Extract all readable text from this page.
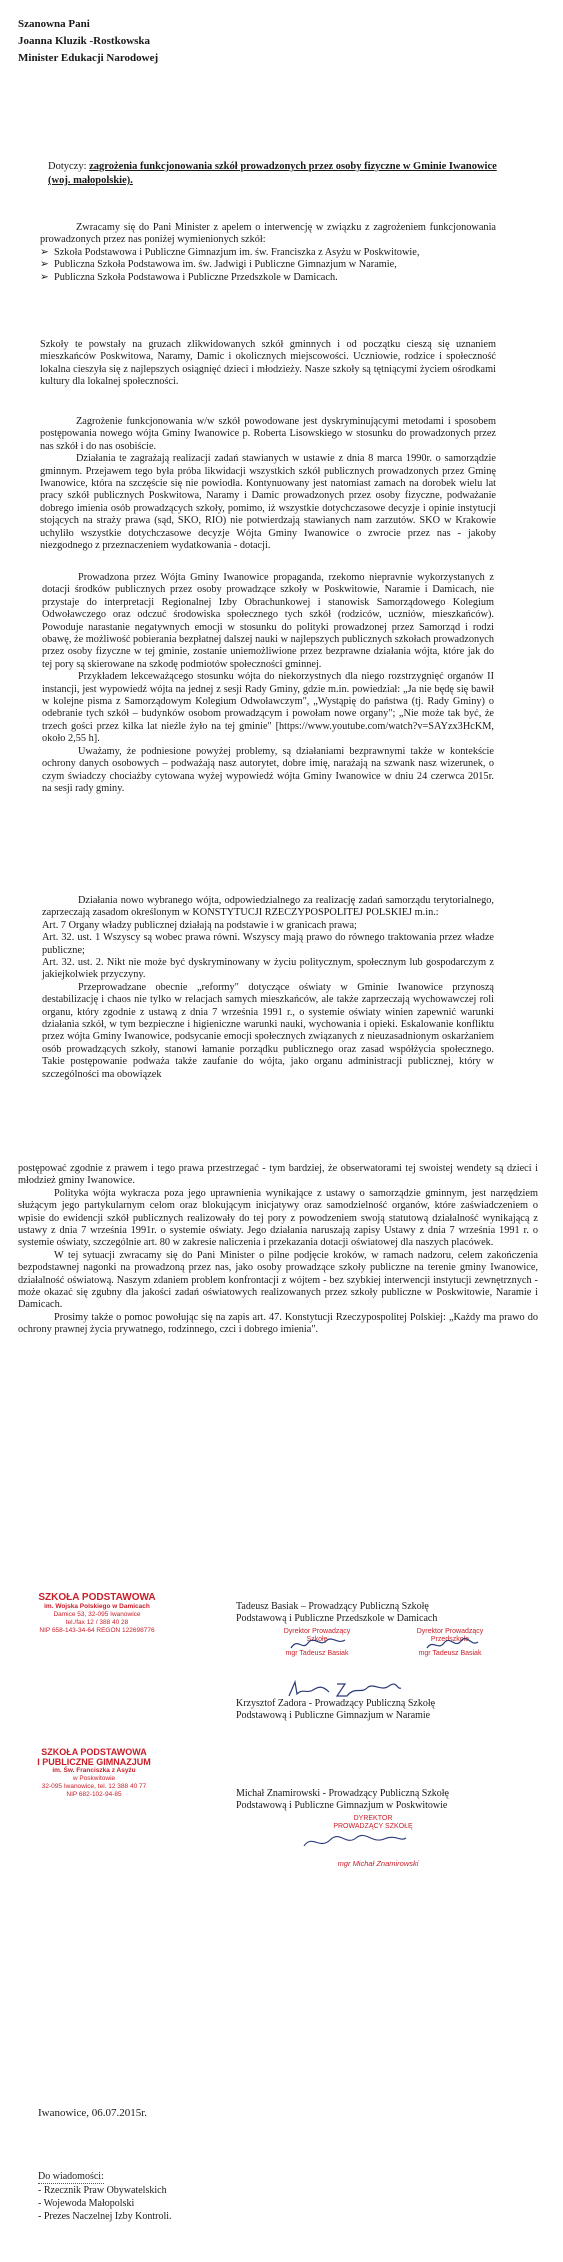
Szanowna Pani
Joanna Kluzik -Rostkowska
Minister Edukacji Narodowej
Dotyczy: zagrożenia funkcjonowania szkół prowadzonych przez osoby fizyczne w Gminie Iwanowice (woj. małopolskie).

Zwracamy się do Pani Minister z apelem o interwencję w związku z zagrożeniem funkcjonowania prowadzonych przez nas poniżej wymienionych szkół:

➢ Szkoła Podstawowa i Publiczne Gimnazjum im. św. Franciszka z Asyżu w Poskwitowie,
➢ Publiczna Szkoła Podstawowa im. św. Jadwigi i Publiczne Gimnazjum w Naramie,
➢ Publiczna Szkoła Podstawowa i Publiczne Przedszkole w Damicach.

Szkoły te powstały na gruzach zlikwidowanych szkół gminnych i od początku cieszą się uznaniem mieszkańców Poskwitowa, Naramy, Damic i okolicznych miejscowości. Uczniowie, rodzice i społeczność lokalna cieszyła się z najlepszych osiągnięć dzieci i młodzieży. Nasze szkoły są tętniącymi życiem ośrodkami kultury dla lokalnej społeczności.

Zagrożenie funkcjonowania w/w szkół powodowane jest dyskryminującymi metodami i sposobem postępowania nowego wójta Gminy Iwanowice p. Roberta Lisowskiego w stosunku do prowadzonych przez nas szkół i do nas osobiście.

Działania te zagrażają realizacji zadań stawianych w ustawie z dnia 8 marca 1990r. o samorządzie gminnym. Przejawem tego była próba likwidacji wszystkich szkół publicznych prowadzonych przez Gminę Iwanowice, która na szczęście się nie powiodła. Kontynuowany jest natomiast zamach na dorobek wielu lat pracy szkół publicznych Poskwitowa, Naramy i Damic prowadzonych przez osoby fizyczne, podważanie dobrego imienia osób prowadzących szkoły, pomimo, iż wszystkie dotychczasowe decyzje i opinie instytucji stojących na straży prawa (sąd, SKO, RIO) nie potwierdzają stawianych nam zarzutów. SKO w Krakowie uchyliło wszystkie dotychczasowe decyzje Wójta Gminy Iwanowice o zwrocie przez nas - jakoby niezgodnego z przeznaczeniem wydatkowania - dotacji.

Prowadzona przez Wójta Gminy Iwanowice propaganda, rzekomo niepravnie wykorzystanych z dotacji środków publicznych przez osoby prowadzące szkoły w Poskwitowie, Naramie i Damicach, nie przystaje do interpretacji Regionalnej Izby Obrachunkowej i stanowisk Samorządowego Kolegium Odwoławczego oraz odczuć środowiska społecznego tych szkół (rodziców, uczniów, mieszkańców). Powoduje narastanie negatywnych emocji w stosunku do polityki prowadzonej przez Samorząd i rodzi obawę, że możliwość pobierania bezpłatnej dalszej nauki w najlepszych publicznych szkołach prowadzonych przez osoby fizyczne w tej gminie, zostanie uniemożliwione przez bezprawne działania wójta, które jak do tej pory są skierowane na szkodę podmiotów społeczności gminnej.

Przykładem lekceważącego stosunku wójta do niekorzystnych dla niego rozstrzygnięć organów II instancji, jest wypowiedź wójta na jednej z sesji Rady Gminy, gdzie m.in. powiedział: „Ja nie będę się bawił w kolejne pisma z Samorządowym Kolegium Odwoławczym", „Wystąpię do państwa (tj. Rady Gminy) o odebranie tych szkół – budynków osobom prowadzącym i powołam nowe organy"; „Nie może tak być, że trzech gości przez kilka lat nieźle żyło na tej gminie" [https://www.youtube.com/watch?v=SAYzx3HcKM, około 2,55 h].

Uważamy, że podniesione powyżej problemy, są działaniami bezprawnymi także w kontekście ochrony danych osobowych – podważają nasz autorytet, dobre imię, narażają na szwank nasz wizerunek, o czym świadczy chociażby cytowana wyżej wypowiedź wójta Gminy Iwanowice w dniu 24 czerwca 2015r. na sesji rady gminy.

Działania nowo wybranego wójta, odpowiedzialnego za realizację zadań samorządu terytorialnego, zaprzeczają zasadom określonym w KONSTYTUCJI RZECZYPOSPOLITEJ POLSKIEJ m.in.:

Art. 7 Organy władzy publicznej działają na podstawie i w granicach prawa;

Art. 32. ust. 1 Wszyscy są wobec prawa równi. Wszyscy mają prawo do równego traktowania przez władze publiczne;

Art. 32. ust. 2. Nikt nie może być dyskryminowany w życiu politycznym, społecznym lub gospodarczym z jakiejkolwiek przyczyny.

Przeprowadzane obecnie „reformy" dotyczące oświaty w Gminie Iwanowice przynoszą destabilizację i chaos nie tylko w relacjach samych mieszkańców, ale także zaprzeczają wychowawczej roli organu, który zgodnie z ustawą z dnia 7 września 1991 r., o systemie oświaty winien zapewnić warunki działania szkół, w tym bezpieczne i higieniczne warunki nauki, wychowania i opieki. Eskalowanie konfliktu przez wójta Gminy Iwanowice, podsycanie emocji społecznych związanych z nieuzasadnionym oskarżaniem osób prowadzących szkoły, stanowi łamanie porządku publicznego oraz zasad współżycia społecznego. Takie postępowanie podważa także zaufanie do wójta, jako organu administracji publicznej, który w szczególności ma obowiązek

postępować zgodnie z prawem i tego prawa przestrzegać - tym bardziej, że obserwatorami tej swoistej wendety są dzieci i młodzież gminy Iwanowice.

Polityka wójta wykracza poza jego uprawnienia wynikające z ustawy o samorządzie gminnym, jest narzędziem służącym jego partykularnym celom oraz blokującym inicjatywy oraz samodzielność organów, które zaświadczeniem o wpisie do ewidencji szkół publicznych realizowały do tej pory z powodzeniem swoją statutową działalność wynikającą z ustawy z dnia 7 września 1991r. o systemie oświaty. Jego działania naruszają zapisy Ustawy z dnia 7 września 1991 r. o systemie oświaty, szczególnie art. 80 w zakresie naliczenia i przekazania dotacji oświatowej dla naszych placówek.

W tej sytuacji zwracamy się do Pani Minister o pilne podjęcie kroków, w ramach nadzoru, celem zakończenia bezpodstawnej nagonki na prowadzoną przez nas, jako osoby prowadzące szkoły publiczne na terenie gminy Iwanowice, działalność oświatową. Naszym zdaniem problem konfrontacji z wójtem - bez szybkiej interwencji instytucji zewnętrznych - może okazać się zgubny dla jakości zadań oświatowych realizowanych przez szkoły publiczne w Poskwitowie, Naramie i Damicach.

Prosimy także o pomoc powołując się na zapis art. 47. Konstytucji Rzeczypospolitej Polskiej: „Każdy ma prawo do ochrony prawnej życia prywatnego, rodzinnego, czci i dobrego imienia".

SZKOŁA PODSTAWOWA
im. Wojska Polskiego w Damicach
Damice 53, 32-095 Iwanowice
tel./fax 12 / 388 40 28
NIP 658-143-34-64 REGON 122698776
SZKOŁA PODSTAWOWA
I PUBLICZNE GIMNAZJUM
im. Św. Franciszka z Asyżu
w Poskwitowie
32-095 Iwanowice, tel. 12 388 40 77
NIP 682-102-94-85
Tadeusz Basiak – Prowadzący Publiczną Szkołę
Podstawową i Publiczne Przedszkole w Damicach
Dyrektor Prowadzący
Szkołę
mgr Tadeusz Basiak
Dyrektor Prowadzący
Przedszkole
mgr Tadeusz Basiak
Krzysztof Zadora - Prowadzący Publiczną Szkołę
Podstawową i Publiczne Gimnazjum w Naramie
Michał Znamirowski - Prowadzący Publiczną Szkołę
Podstawową i Publiczne Gimnazjum w Poskwitowie
DYREKTOR
PROWADZĄCY SZKOŁĘ
mgr Michał Znamirowski
Iwanowice, 06.07.2015r.
Do wiadomości:
- Rzecznik Praw Obywatelskich
- Wojewoda Małopolski
- Prezes Naczelnej Izby Kontroli.
